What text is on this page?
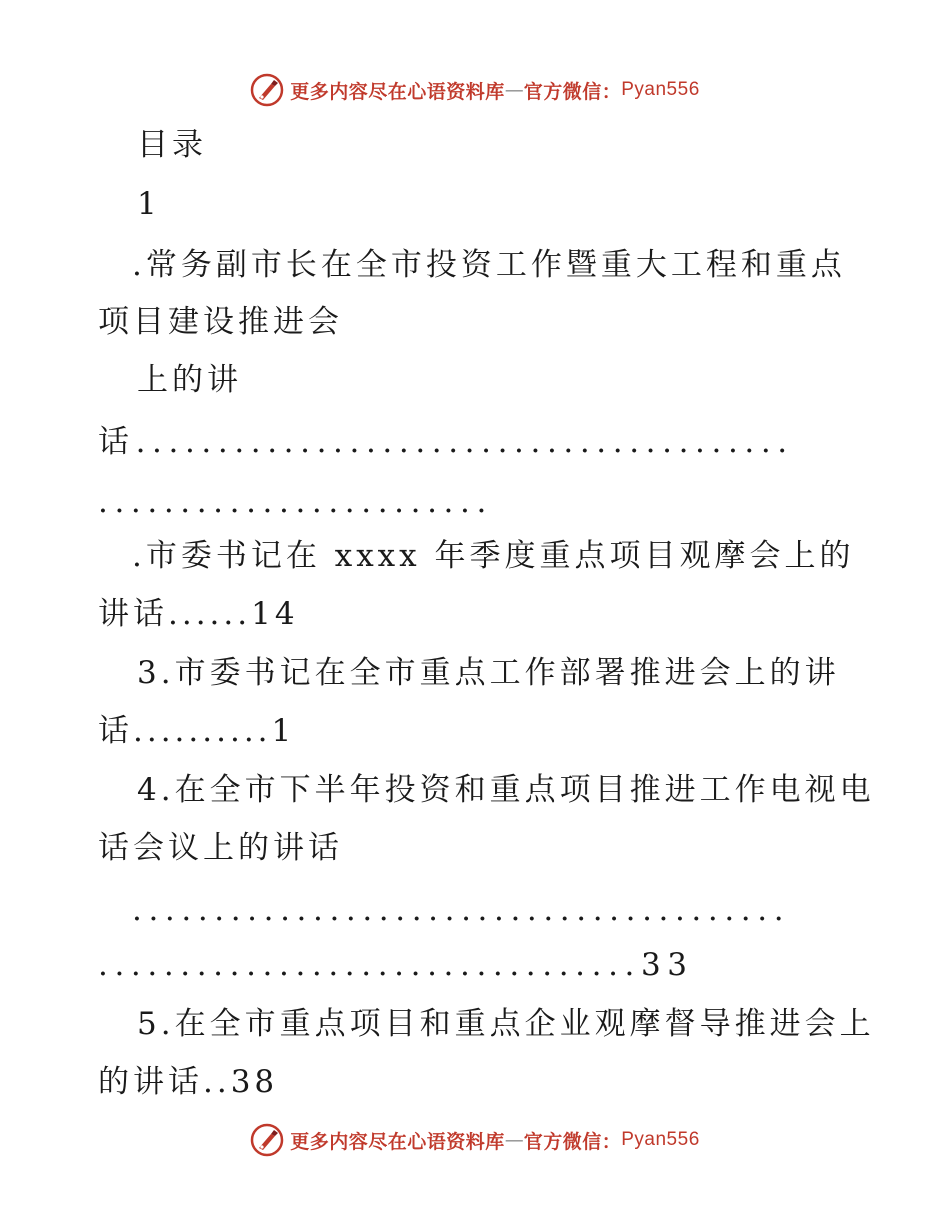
更多内容尽在心语资料库 — 官方微信： Pyan556
目录
1
.常务副市长在全市投资工作暨重大工程和重点
项目建设推进会
上的讲
话........................................
........................
.市委书记在 xxxx 年季度重点项目观摩会上的
讲话......14
3.市委书记在全市重点工作部署推进会上的讲
话..........1
4.在全市下半年投资和重点项目推进工作电视电
话会议上的讲话
........................................
.................................33
5.在全市重点项目和重点企业观摩督导推进会上
的讲话..38
更多内容尽在心语资料库 — 官方微信： Pyan556
